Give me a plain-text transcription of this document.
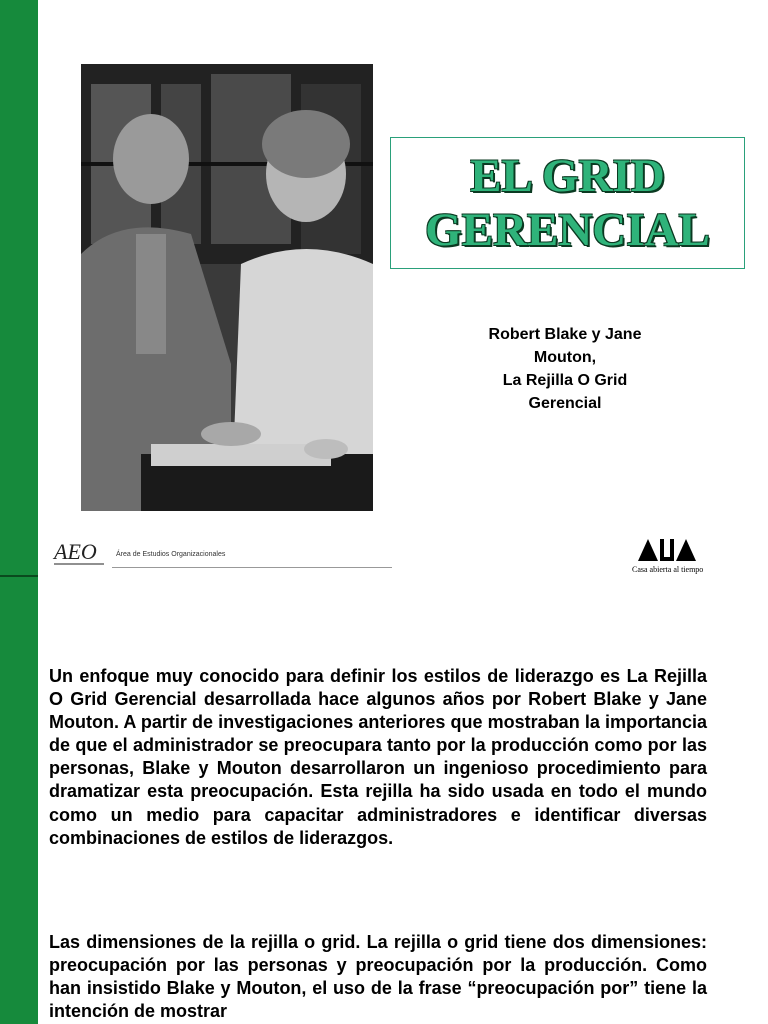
EL GRID
GERENCIAL
Robert Blake y Jane
Mouton,
La Rejilla O Grid
Gerencial
AEO	Área de Estudios Organizacionales
Casa abierta al tiempo

Un enfoque muy conocido para definir los estilos de liderazgo es La Rejilla O Grid Gerencial desarrollada hace algunos años por Robert Blake y Jane Mouton. A partir de investigaciones anteriores que mostraban la importancia de que el administrador se preocupara tanto por la producción como por las personas, Blake y Mouton desarrollaron un ingenioso procedimiento para dramatizar esta preocupación. Esta rejilla ha sido usada en todo el mundo como un medio para capacitar administradores e identificar diversas combinaciones de estilos de liderazgos.

Las dimensiones de la rejilla o grid. La rejilla o grid tiene dos dimensiones: preocupación por las personas y preocupación por la producción. Como han insistido Blake y Mouton, el uso de la frase “preocupación por” tiene la intención de mostrar
